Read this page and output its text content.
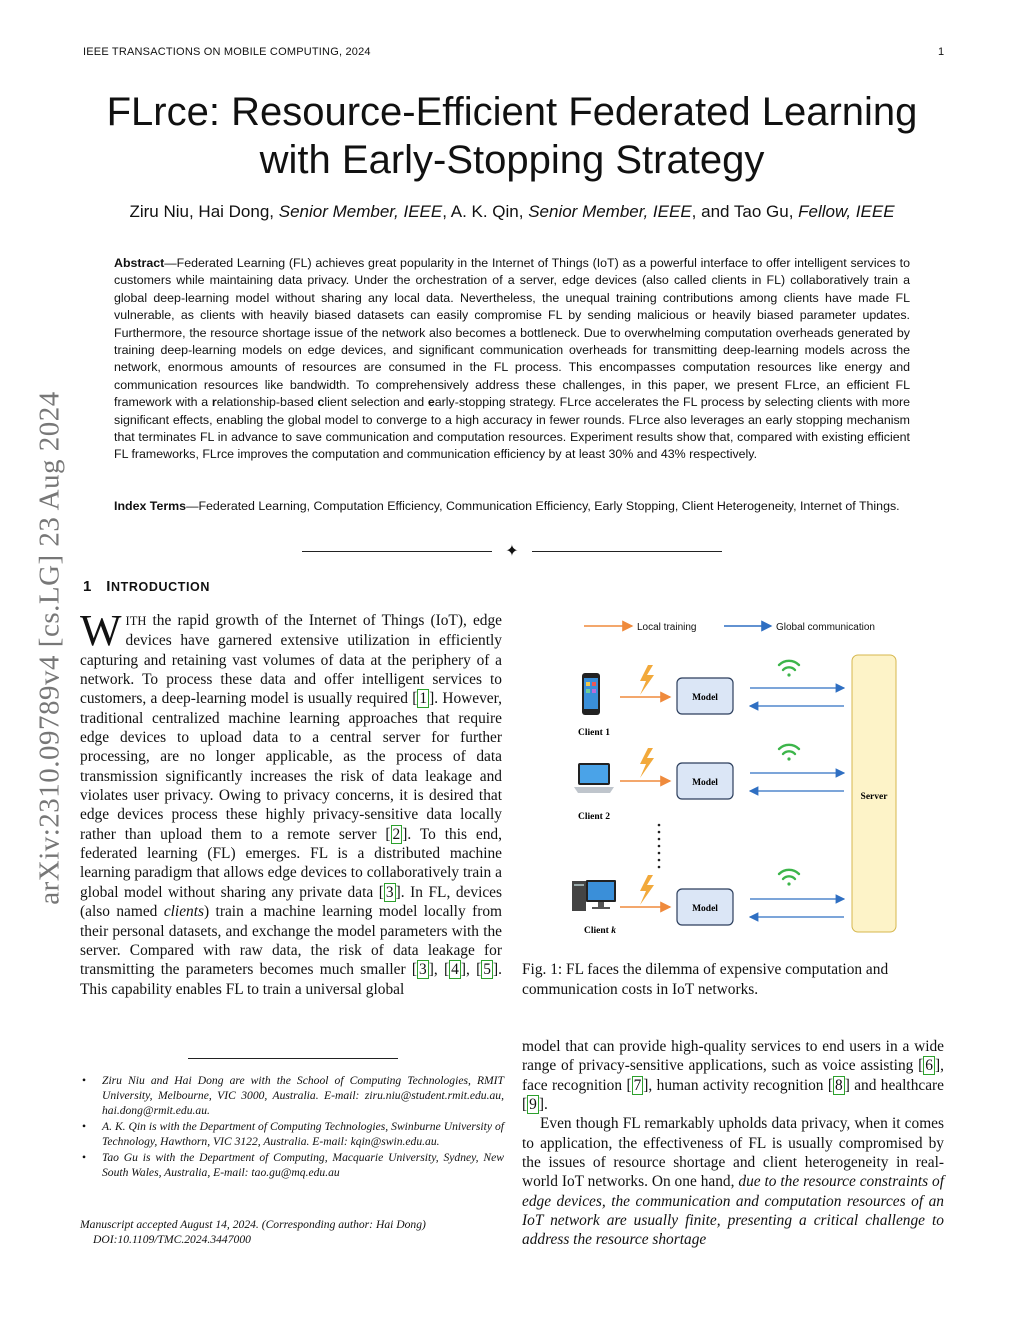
IEEE TRANSACTIONS ON MOBILE COMPUTING, 2024	1
FLrce: Resource-Efficient Federated Learning
with Early-Stopping Strategy
Ziru Niu, Hai Dong, Senior Member, IEEE, A. K. Qin, Senior Member, IEEE, and Tao Gu, Fellow, IEEE
Abstract—Federated Learning (FL) achieves great popularity in the Internet of Things (IoT) as a powerful interface to offer intelligent services to customers while maintaining data privacy. Under the orchestration of a server, edge devices (also called clients in FL) collaboratively train a global deep-learning model without sharing any local data. Nevertheless, the unequal training contributions among clients have made FL vulnerable, as clients with heavily biased datasets can easily compromise FL by sending malicious or heavily biased parameter updates. Furthermore, the resource shortage issue of the network also becomes a bottleneck. Due to overwhelming computation overheads generated by training deep-learning models on edge devices, and significant communication overheads for transmitting deep-learning models across the network, enormous amounts of resources are consumed in the FL process. This encompasses computation resources like energy and communication resources like bandwidth. To comprehensively address these challenges, in this paper, we present FLrce, an efficient FL framework with a relationship-based client selection and early-stopping strategy. FLrce accelerates the FL process by selecting clients with more significant effects, enabling the global model to converge to a high accuracy in fewer rounds. FLrce also leverages an early stopping mechanism that terminates FL in advance to save communication and computation resources. Experiment results show that, compared with existing efficient FL frameworks, FLrce improves the computation and communication efficiency by at least 30% and 43% respectively.
Index Terms—Federated Learning, Computation Efficiency, Communication Efficiency, Early Stopping, Client Heterogeneity, Internet of Things.
✦
arXiv:2310.09789v4 [cs.LG] 23 Aug 2024 1 INTRODUCTION
WITH the rapid growth of the Internet of Things (IoT), edge devices have garnered extensive utilization in efficiently capturing and retaining vast volumes of data at the periphery of a network. To process these data and offer intelligent services to customers, a deep-learning model is usually required [ 1 ]. However, traditional centralized machine learning approaches that require edge devices to upload data to a central server for further processing, are no longer applicable, as the process of data transmission significantly increases the risk of data leakage and violates user privacy. Owing to privacy concerns, it is desired that edge devices process these highly privacy-sensitive data locally rather than upload them to a remote server [ 2 ]. To this end, federated learning (FL) emerges. FL is a distributed machine learning paradigm that allows edge devices to collaboratively train a global model without sharing any private data [ 3 ]. In FL, devices (also named clients) train a machine learning model locally from their personal datasets, and exchange the model parameters with the server. Compared with raw data, the risk of data leakage for transmitting the parameters becomes much smaller [ 3 ], [ 4 ], [ 5 ]. This capability enables FL to train a universal global
• Ziru Niu and Hai Dong are with the School of Computing Technologies, RMIT University, Melbourne, VIC 3000, Australia. E-mail: ziru.niu@student.rmit.edu.au, hai.dong@rmit.edu.au.
• A. K. Qin is with the Department of Computing Technologies, Swinburne University of Technology, Hawthorn, VIC 3122, Australia. E-mail: kqin@swin.edu.au.
• Tao Gu is with the Department of Computing, Macquarie University, Sydney, New South Wales, Australia, E-mail: tao.gu@mq.edu.au
Manuscript accepted August 14, 2024. (Corresponding author: Hai Dong)
DOI:10.1109/TMC.2024.3447000
Local training	Global communication
Server
Client 1
Model
Client 2
Model
Client k
Model
Fig. 1: FL faces the dilemma of expensive computation and communication costs in IoT networks.

model that can provide high-quality services to end users in a wide range of privacy-sensitive applications, such as voice assisting [ 6 ], face recognition [ 7 ], human activity recognition [ 8 ] and healthcare [ 9 ].

Even though FL remarkably upholds data privacy, when it comes to application, the effectiveness of FL is usually compromised by the issues of resource shortage and client heterogeneity in real-world IoT networks. On one hand, due to the resource constraints of edge devices, the communication and computation resources of an IoT network are usually finite, presenting a critical challenge to address the resource shortage
